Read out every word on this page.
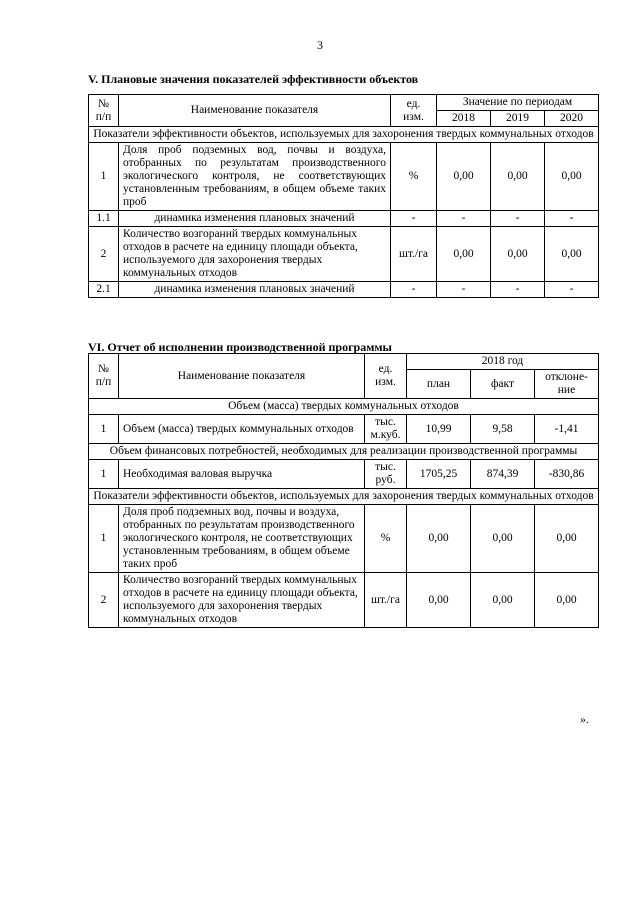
3
V. Плановые значения показателей эффективности объектов
№ п/п	Наименование показателя	ед. изм.	Значение по периодам		
			2018	2019	2020
Показатели эффективности объектов, используемых для захоронения твердых коммунальных отходов					
1	Доля проб подземных вод, почвы и воздуха, отобранных по результатам производственного экологического контроля, не соответствующих установленным требованиям, в общем объеме таких проб	%	0,00	0,00	0,00
1.1	динамика изменения плановых значений	-	-	-	-
2	Количество возгораний твердых коммунальных отходов в расчете на единицу площади объекта, используемого для захоронения твердых коммунальных отходов	шт./га	0,00	0,00	0,00
2.1	динамика изменения плановых значений	-	-	-	-
VI. Отчет об исполнении производственной программы
№ п/п	Наименование показателя	ед. изм.	2018 год		
			план	факт	отклоне-ние
Объем (масса) твердых коммунальных отходов					
1	Объем (масса) твердых коммунальных отходов	тыс. м.куб.	10,99	9,58	-1,41
Объем финансовых потребностей, необходимых для реализации производственной программы					
1	Необходимая валовая выручка	тыс. руб.	1705,25	874,39	-830,86
Показатели эффективности объектов, используемых для захоронения твердых коммунальных отходов					
1	Доля проб подземных вод, почвы и воздуха, отобранных по результатам производственного экологического контроля, не соответствующих установленным требованиям, в общем объеме таких проб	%	0,00	0,00	0,00
2	Количество возгораний твердых коммунальных отходов в расчете на единицу площади объекта, используемого для захоронения твердых коммунальных отходов	шт./га	0,00	0,00	0,00
».
